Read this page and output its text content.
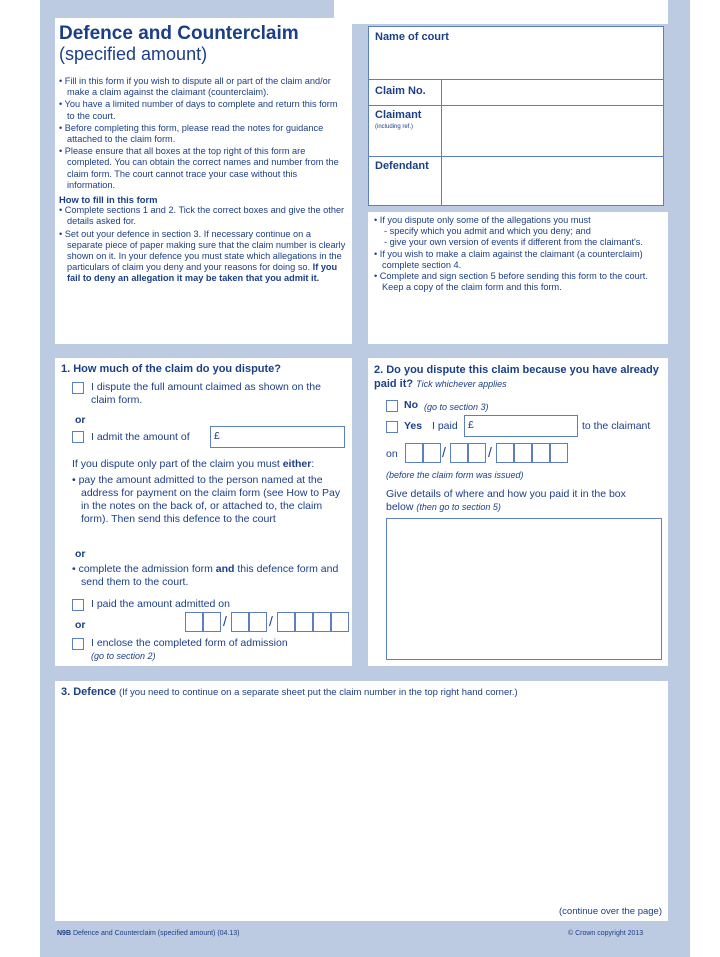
Defence and Counterclaim
(specified amount)
• Fill in this form if you wish to dispute all or part of the claim and/or make a claim against the claimant (counterclaim).
• You have a limited number of days to complete and return this form to the court.
• Before completing this form, please read the notes for guidance attached to the claim form.
• Please ensure that all boxes at the top right of this form are completed. You can obtain the correct names and number from the claim form. The court cannot trace your case without this information.
How to fill in this form
• Complete sections 1 and 2. Tick the correct boxes and give the other details asked for.
• Set out your defence in section 3. If necessary continue on a separate piece of paper making sure that the claim number is clearly shown on it. In your defence you must state which allegations in the particulars of claim you deny and your reasons for doing so. If you fail to deny an allegation it may be taken that you admit it.
Name of court
Claim No.
Claimant
(including ref.)
Defendant
• If you dispute only some of the allegations you must
- specify which you admit and which you deny; and
- give your own version of events if different from the claimant's.
• If you wish to make a claim against the claimant (a counterclaim) complete section 4.
• Complete and sign section 5 before sending this form to the court. Keep a copy of the claim form and this form.
1. How much of the claim do you dispute?
I dispute the full amount claimed as shown on the claim form.
or
I admit the amount of	£
If you dispute only part of the claim you must either:
• pay the amount admitted to the person named at the address for payment on the claim form (see How to Pay in the notes on the back of, or attached to, the claim form). Then send this defence to the court
or
• complete the admission form and this defence form and send them to the court.
I paid the amount admitted on
or	/	/
I enclose the completed form of admission
(go to section 2)
2. Do you dispute this claim because you have already paid it? Tick whichever applies
No (go to section 3)
Yes I paid £	to the claimant
on	/	/
(before the claim form was issued)
Give details of where and how you paid it in the box below (then go to section 5)
3. Defence (If you need to continue on a separate sheet put the claim number in the top right hand corner.)
(continue over the page)
N9B Defence and Counterclaim (specified amount) (04.13)	© Crown copyright 2013
